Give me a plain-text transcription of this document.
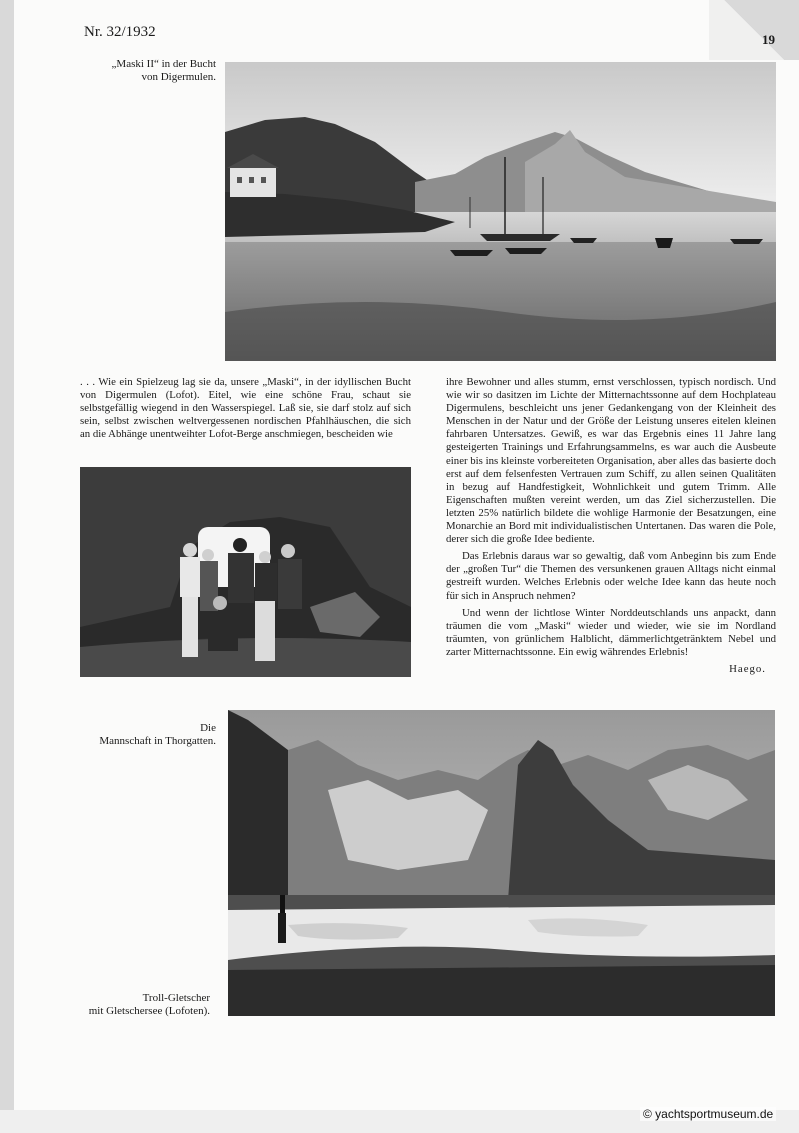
Nr. 32/1932	19
„Maski II“ in der Bucht
von Digermulen.

. . . Wie ein Spielzeug lag sie da, unsere „Maski“, in der idyllischen Bucht von Digermulen (Lofot). Eitel, wie eine schöne Frau, schaut sie selbstgefällig wiegend in den Wasserspiegel. Laß sie, sie darf stolz auf sich sein, selbst zwischen weltvergessenen nordischen Pfahlhäuschen, die sich an die Abhänge unentweihter Lofot-Berge anschmiegen, bescheiden wie

ihre Bewohner und alles stumm, ernst verschlossen, typisch nordisch. Und wie wir so dasitzen im Lichte der Mitternachtssonne auf dem Hochplateau Digermulens, beschleicht uns jener Gedankengang von der Kleinheit des Menschen in der Natur und der Größe der Leistung unseres eitelen kleinen fahrbaren Untersatzes. Gewiß, es war das Ergebnis eines 11 Jahre lang gesteigerten Trainings und Erfahrungsammelns, es war auch die Ausbeute einer bis ins kleinste vorbereiteten Organisation, aber alles das basierte doch erst auf dem felsenfesten Vertrauen zum Schiff, zu allen seinen Qualitäten in bezug auf Handfestigkeit, Wohnlichkeit und gutem Trimm. Alle Eigenschaften mußten vereint werden, um das Ziel sicherzustellen. Die letzten 25% natürlich bildete die wohlige Harmonie der Besatzungen, eine Monarchie an Bord mit individualistischen Untertanen. Das waren die Pole, derer sich die große Idee bediente.

Das Erlebnis daraus war so gewaltig, daß vom Anbeginn bis zum Ende der „großen Tur“ die Themen des versunkenen grauen Alltags nicht einmal gestreift wurden. Welches Erlebnis oder welche Idee kann das heute noch für sich in Anspruch nehmen?

Und wenn der lichtlose Winter Norddeutschlands uns anpackt, dann träumen die vom „Maski“ wieder und wieder, wie sie im Nordland träumten, von grünlichem Halblicht, dämmerlichtgetränktem Nebel und zarter Mitternachtssonne. Ein ewig währendes Erlebnis!

Haego.

Die
Mannschaft in Thorgatten.
Troll-Gletscher
mit Gletschersee (Lofoten).
© yachtsportmuseum.de
